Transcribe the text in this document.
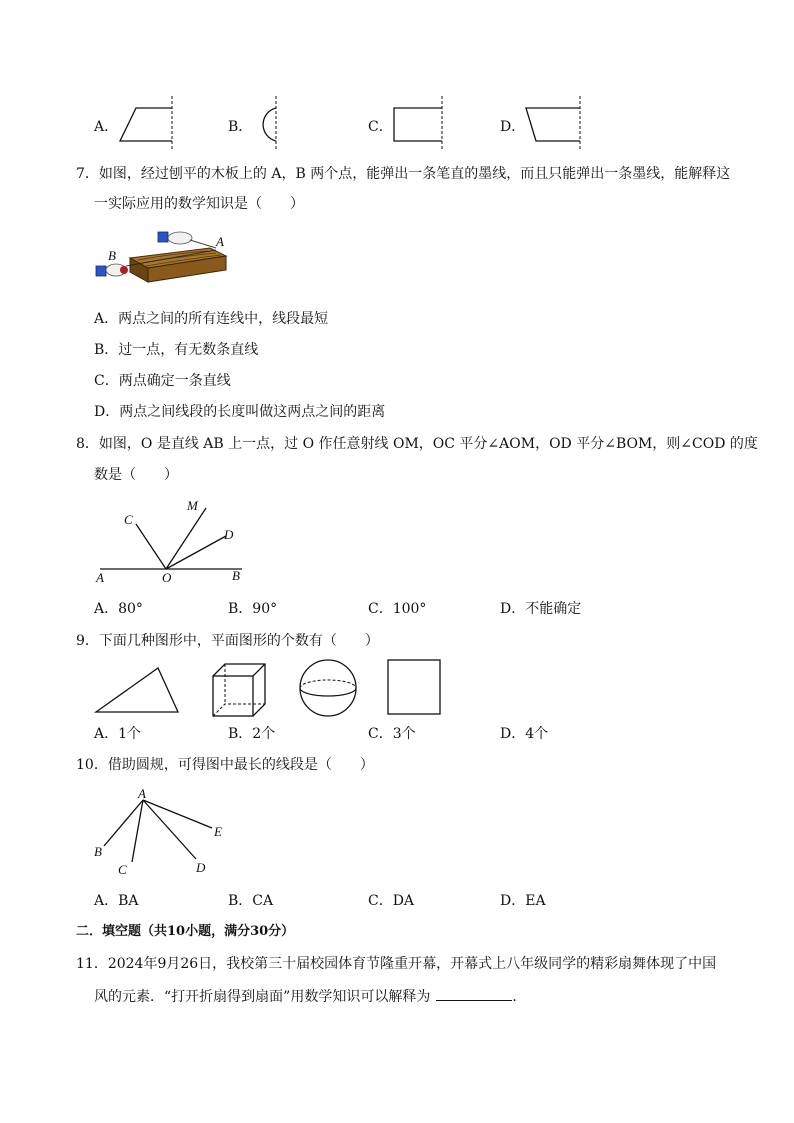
A．	B．	C．	D．
7．如图，经过刨平的木板上的 A，B 两个点，能弹出一条笔直的墨线，而且只能弹出一条墨线，能解释这
一实际应用的数学知识是（　　）
B
A
A．两点之间的所有连线中，线段最短
B．过一点，有无数条直线
C．两点确定一条直线
D．两点之间线段的长度叫做这两点之间的距离
8．如图，O 是直线 AB 上一点，过 O 作任意射线 OM，OC 平分∠AOM，OD 平分∠BOM，则∠COD 的度
数是（　　）
C
M
D
A	O	B
A．80°	B．90°	C．100°	D．不能确定
9．下面几种图形中，平面图形的个数有（　　）
A．1个	B．2个	C．3个	D．4个
10．借助圆规，可得图中最长的线段是（　　）
A
B
C	D
E
A．BA	B．CA	C．DA	D．EA
二．填空题（共10小题，满分30分）
11．2024年9月26日，我校第三十届校园体育节隆重开幕，开幕式上八年级同学的精彩扇舞体现了中国
风的元素．“打开折扇得到扇面”用数学知识可以解释为	．
